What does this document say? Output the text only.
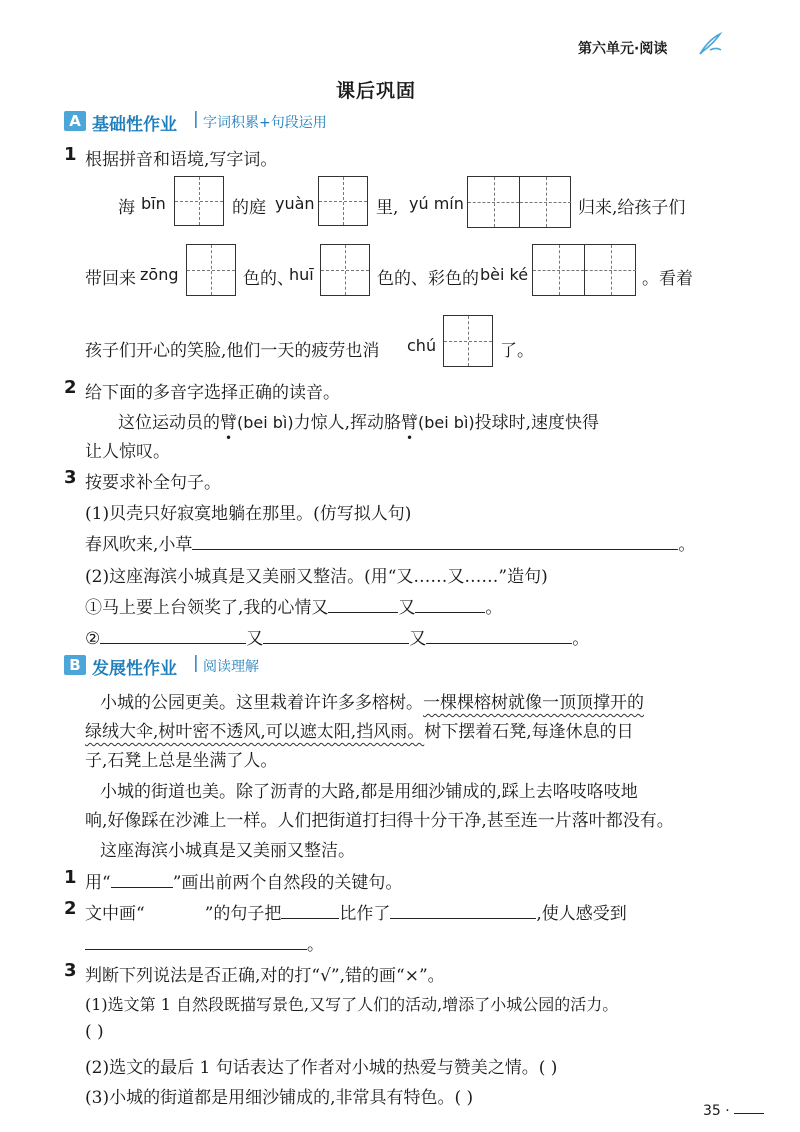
第六单元·阅读
课后巩固
A 基础性作业 | 字词积累+句段运用
1 根据拼音和语境,写字词。
海 bīn	的庭 yuàn	里, yú mín	归来,给孩子们
带回来 zōng	色的、
huī	色的、彩色的 bèi ké	。看着
孩子们开心的笑脸,他们一天的疲劳也消 chú	了。
2 给下面的多音字选择正确的读音。
这位运动员的臂(bei bì)力惊人,挥动胳臂(bei bì)投球时,速度快得
让人惊叹。
3 按要求补全句子。
(1)贝壳只好寂寞地躺在那里。(仿写拟人句)
春风吹来,小草	。
(2)这座海滨小城真是又美丽又整洁。(用“又……又……”造句)
①马上要上台领奖了,我的心情又	又	。
②	又	又	。
B 发展性作业 | 阅读理解
小城的公园更美。这里栽着许许多多榕树。一棵棵榕树就像一顶顶撑开的
绿绒大伞,树叶密不透风,可以遮太阳,挡风雨。树下摆着石凳,每逢休息的日
子,石凳上总是坐满了人。
小城的街道也美。除了沥青的大路,都是用细沙铺成的,踩上去咯吱咯吱地
响,好像踩在沙滩上一样。人们把街道打扫得十分干净,甚至连一片落叶都没有。
这座海滨小城真是又美丽又整洁。
1 用“	”画出前两个自然段的关键句。
2 文中画“	”的句子把	比作了	,使人感受到
。
3 判断下列说法是否正确,对的打“√”,错的画“×”。
(1)选文第 1 自然段既描写景色,又写了人们的活动,增添了小城公园的活力。
( )
(2)选文的最后 1 句话表达了作者对小城的热爱与赞美之情。( )
(3)小城的街道都是用细沙铺成的,非常具有特色。( )
35 ·
